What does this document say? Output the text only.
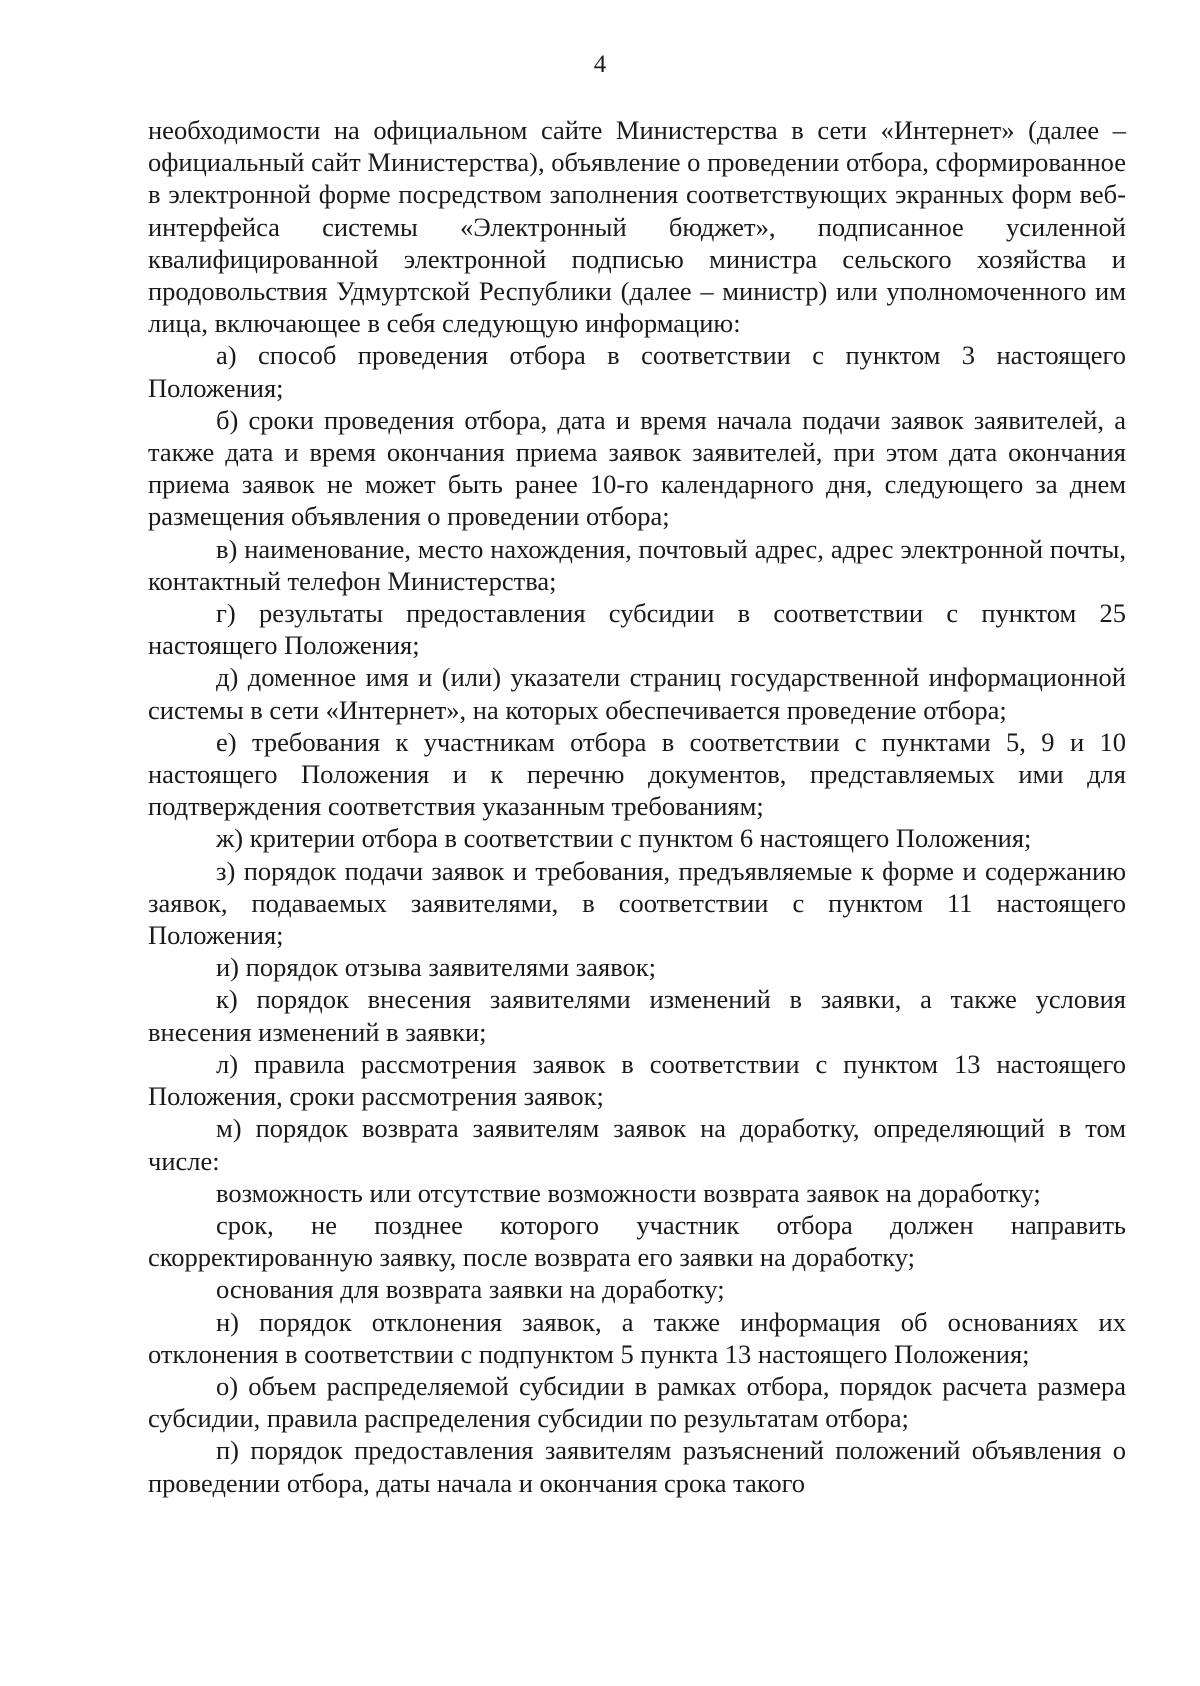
4

необходимости на официальном сайте Министерства в сети «Интернет» (далее – официальный сайт Министерства), объявление о проведении отбора, сформированное в электронной форме посредством заполнения соответствующих экранных форм веб-интерфейса системы «Электронный бюджет», подписанное усиленной квалифицированной электронной подписью министра сельского хозяйства и продовольствия Удмуртской Республики (далее – министр) или уполномоченного им лица, включающее в себя следующую информацию:

а) способ проведения отбора в соответствии с пунктом 3 настоящего Положения;

б) сроки проведения отбора, дата и время начала подачи заявок заявителей, а также дата и время окончания приема заявок заявителей, при этом дата окончания приема заявок не может быть ранее 10-го календарного дня, следующего за днем размещения объявления о проведении отбора;

в) наименование, место нахождения, почтовый адрес, адрес электронной почты, контактный телефон Министерства;

г) результаты предоставления субсидии в соответствии с пунктом 25 настоящего Положения;

д) доменное имя и (или) указатели страниц государственной информационной системы в сети «Интернет», на которых обеспечивается проведение отбора;

е) требования к участникам отбора в соответствии с пунктами 5, 9 и 10 настоящего Положения и к перечню документов, представляемых ими для подтверждения соответствия указанным требованиям;

ж) критерии отбора в соответствии с пунктом 6 настоящего Положения;

з) порядок подачи заявок и требования, предъявляемые к форме и содержанию заявок, подаваемых заявителями, в соответствии с пунктом 11 настоящего Положения;

и) порядок отзыва заявителями заявок;

к) порядок внесения заявителями изменений в заявки, а также условия внесения изменений в заявки;

л) правила рассмотрения заявок в соответствии с пунктом 13 настоящего Положения, сроки рассмотрения заявок;

м) порядок возврата заявителям заявок на доработку, определяющий в том числе:

возможность или отсутствие возможности возврата заявок на доработку;

срок, не позднее которого участник отбора должен направить скорректированную заявку, после возврата его заявки на доработку;

основания для возврата заявки на доработку;

н) порядок отклонения заявок, а также информация об основаниях их отклонения в соответствии с подпунктом 5 пункта 13 настоящего Положения;

о) объем распределяемой субсидии в рамках отбора, порядок расчета размера субсидии, правила распределения субсидии по результатам отбора;

п) порядок предоставления заявителям разъяснений положений объявления о проведении отбора, даты начала и окончания срока такого
